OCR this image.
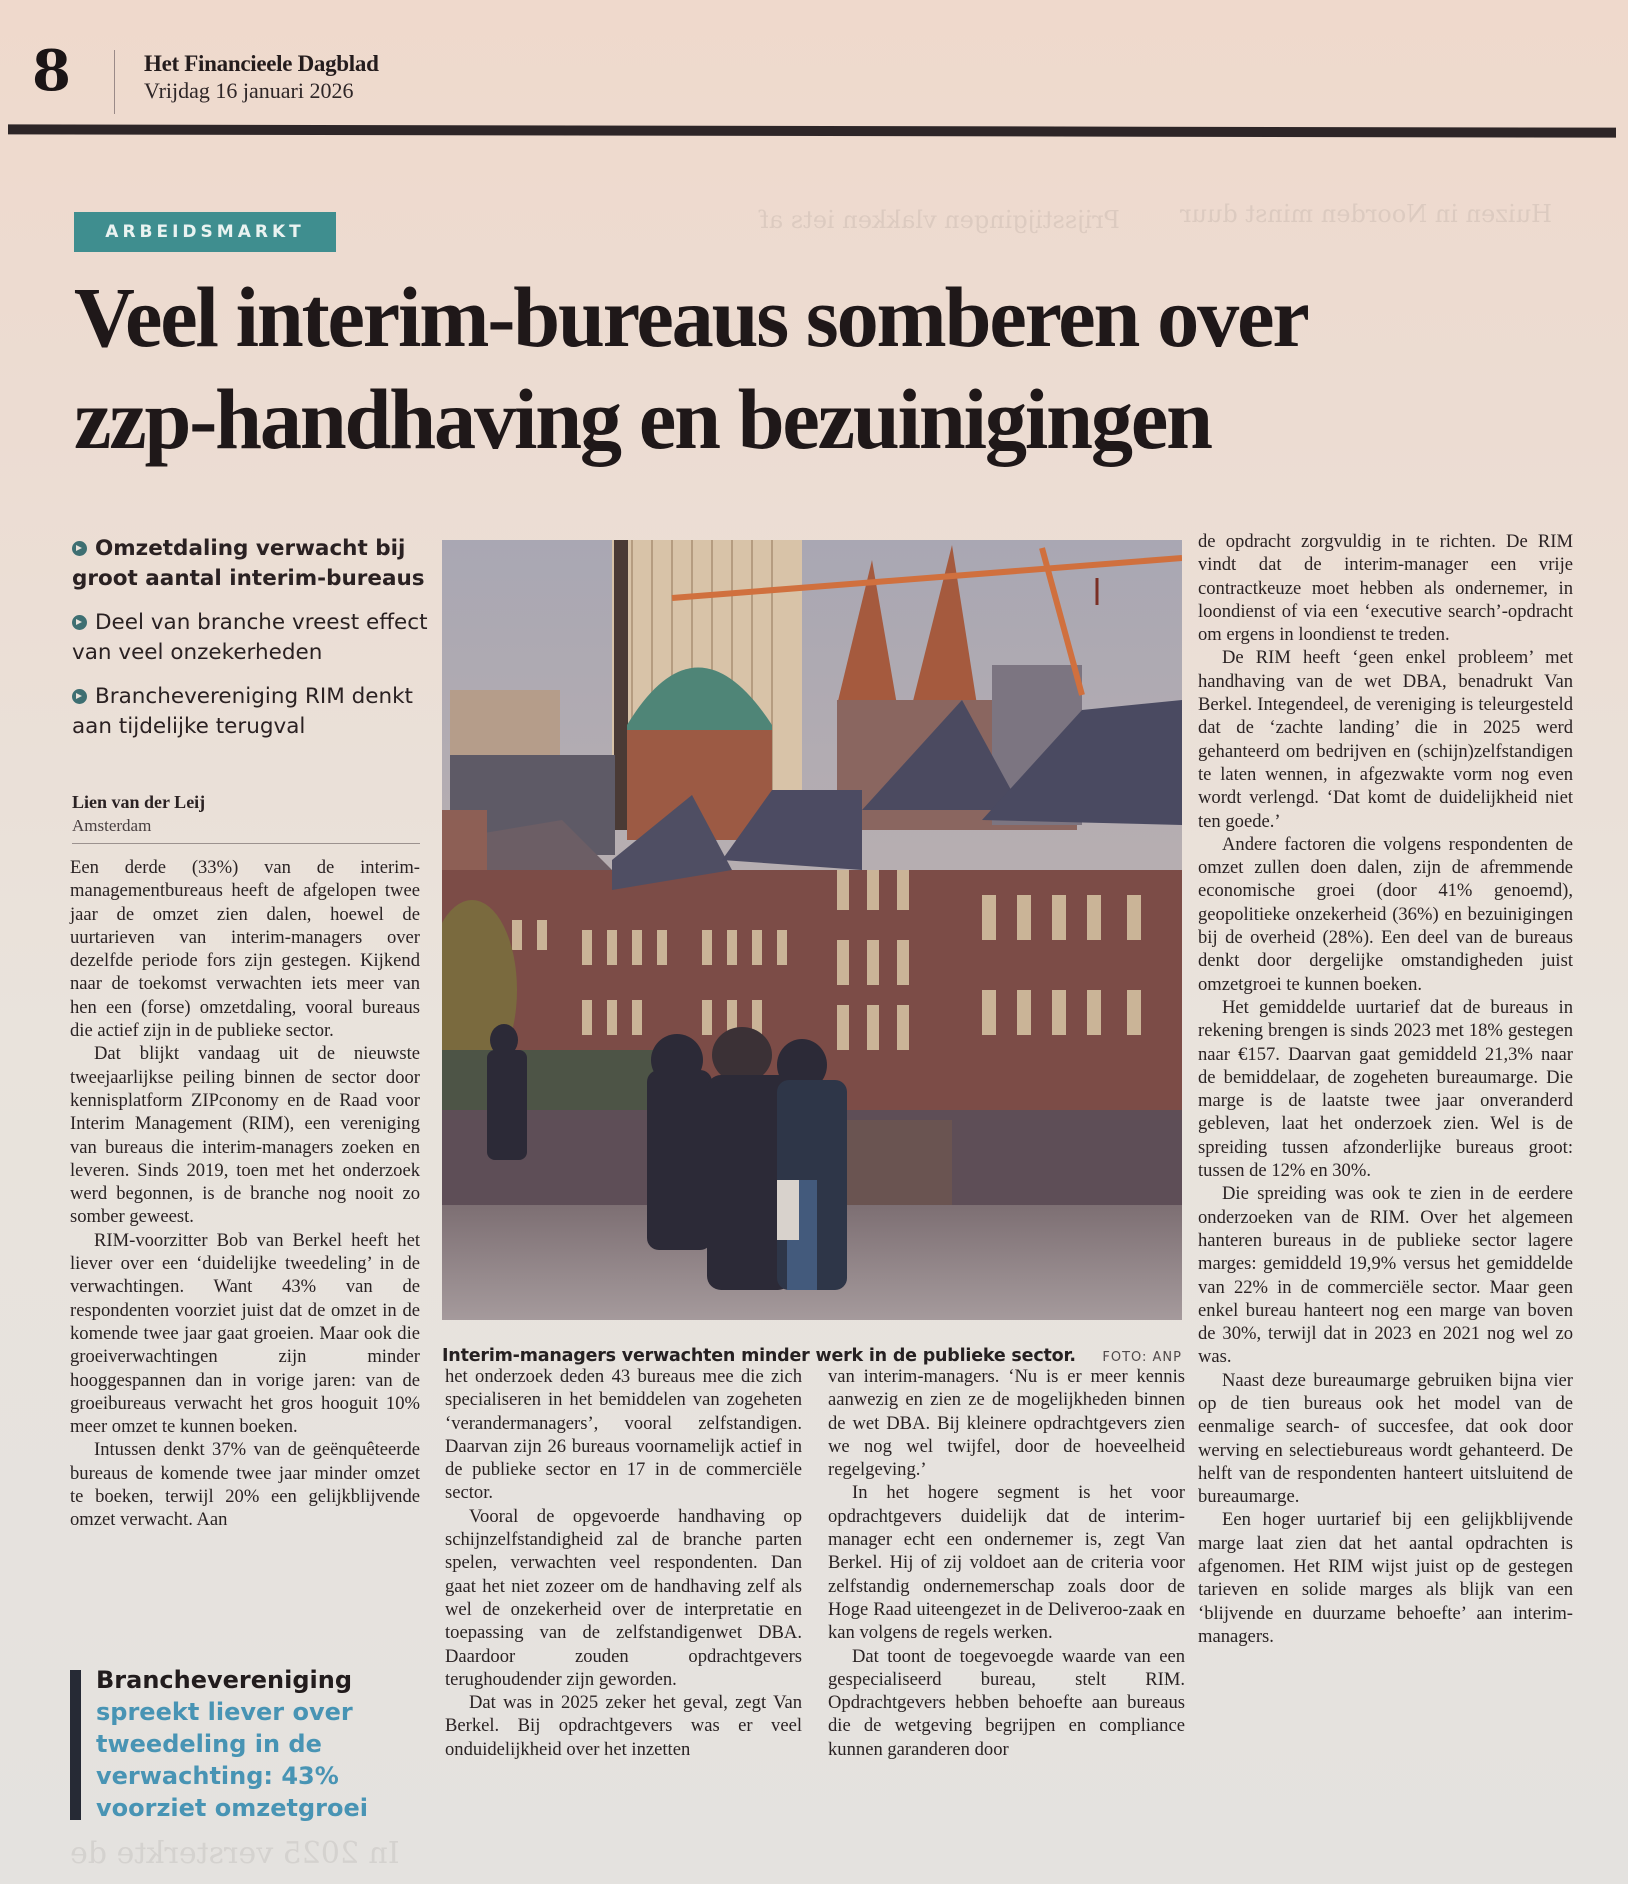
Huizen in Noorden minst duur
Prijsstijgingen vlakken iets af
In 2025 versterkte de
8	Het Financieele Dagblad
Vrijdag 16 januari 2026
ARBEIDSMARKT
Veel interim-bureaus somberen over zzp-handhaving en bezuinigingen
Omzetdaling verwacht bij groot aantal interim-bureaus
Deel van branche vreest effect van veel onzekerheden
Branchevereniging RIM denkt aan tijdelijke terugval
Lien van der Leij
Amsterdam

Een derde (33%) van de interim-managementbureaus heeft de afgelopen twee jaar de omzet zien dalen, hoewel de uurtarieven van interim-managers over dezelfde periode fors zijn gestegen. Kijkend naar de toekomst verwachten iets meer van hen een (forse) omzetdaling, vooral bureaus die actief zijn in de publieke sector.

Dat blijkt vandaag uit de nieuwste tweejaarlijkse peiling binnen de sector door kennisplatform ZIPconomy en de Raad voor Interim Management (RIM), een vereniging van bureaus die interim-managers zoeken en leveren. Sinds 2019, toen met het onderzoek werd begonnen, is de branche nog nooit zo somber geweest.

RIM-voorzitter Bob van Berkel heeft het liever over een ‘duidelijke tweedeling’ in de verwachtingen. Want 43% van de respondenten voorziet juist dat de omzet in de komende twee jaar gaat groeien. Maar ook die groeiverwachtingen zijn minder hooggespannen dan in vorige jaren: van de groeibureaus verwacht het gros hooguit 10% meer omzet te kunnen boeken.

Intussen denkt 37% van de geënquêteerde bureaus de komende twee jaar minder omzet te boeken, terwijl 20% een gelijkblijvende omzet verwacht. Aan

Interim-managers verwachten minder werk in de publieke sector. FOTO: ANP

het onderzoek deden 43 bureaus mee die zich specialiseren in het bemiddelen van zogeheten ‘verandermanagers’, vooral zelfstandigen. Daarvan zijn 26 bureaus voornamelijk actief in de publieke sector en 17 in de commerciële sector.

Vooral de opgevoerde handhaving op schijnzelfstandigheid zal de branche parten spelen, verwachten veel respondenten. Dan gaat het niet zozeer om de handhaving zelf als wel de onzekerheid over de interpretatie en toepassing van de zelfstandigenwet DBA. Daardoor zouden opdrachtgevers terughoudender zijn geworden.

Dat was in 2025 zeker het geval, zegt Van Berkel. Bij opdrachtgevers was er veel onduidelijkheid over het inzetten

van interim-managers. ‘Nu is er meer kennis aanwezig en zien ze de mogelijkheden binnen de wet DBA. Bij kleinere opdrachtgevers zien we nog wel twijfel, door de hoeveelheid regelgeving.’

In het hogere segment is het voor opdrachtgevers duidelijk dat de interim-manager echt een ondernemer is, zegt Van Berkel. Hij of zij voldoet aan de criteria voor zelfstandig ondernemerschap zoals door de Hoge Raad uiteengezet in de Deliveroo-zaak en kan volgens de regels werken.

Dat toont de toegevoegde waarde van een gespecialiseerd bureau, stelt RIM. Opdrachtgevers hebben behoefte aan bureaus die de wetgeving begrijpen en compliance kunnen garanderen door

de opdracht zorgvuldig in te richten. De RIM vindt dat de interim-manager een vrije contractkeuze moet hebben als ondernemer, in loondienst of via een ‘executive search’-opdracht om ergens in loondienst te treden.

De RIM heeft ‘geen enkel probleem’ met handhaving van de wet DBA, benadrukt Van Berkel. Integendeel, de vereniging is teleurgesteld dat de ‘zachte landing’ die in 2025 werd gehanteerd om bedrijven en (schijn)zelfstandigen te laten wennen, in afgezwakte vorm nog even wordt verlengd. ‘Dat komt de duidelijkheid niet ten goede.’

Andere factoren die volgens respondenten de omzet zullen doen dalen, zijn de afremmende economische groei (door 41% genoemd), geopolitieke onzekerheid (36%) en bezuinigingen bij de overheid (28%). Een deel van de bureaus denkt door dergelijke omstandigheden juist omzetgroei te kunnen boeken.

Het gemiddelde uurtarief dat de bureaus in rekening brengen is sinds 2023 met 18% gestegen naar €157. Daarvan gaat gemiddeld 21,3% naar de bemiddelaar, de zogeheten bureaumarge. Die marge is de laatste twee jaar onveranderd gebleven, laat het onderzoek zien. Wel is de spreiding tussen afzonderlijke bureaus groot: tussen de 12% en 30%.

Die spreiding was ook te zien in de eerdere onderzoeken van de RIM. Over het algemeen hanteren bureaus in de publieke sector lagere marges: gemiddeld 19,9% versus het gemiddelde van 22% in de commerciële sector. Maar geen enkel bureau hanteert nog een marge van boven de 30%, terwijl dat in 2023 en 2021 nog wel zo was.

Naast deze bureaumarge gebruiken bijna vier op de tien bureaus ook het model van de eenmalige search- of succesfee, dat ook door werving en selectiebureaus wordt gehanteerd. De helft van de respondenten hanteert uitsluitend de bureaumarge.

Een hoger uurtarief bij een gelijkblijvende marge laat zien dat het aantal opdrachten is afgenomen. Het RIM wijst juist op de gestegen tarieven en solide marges als blijk van een ‘blijvende en duurzame behoefte’ aan interim-managers.

Branchevereniging
spreekt liever over tweedeling in de verwachting: 43% voorziet omzetgroei
